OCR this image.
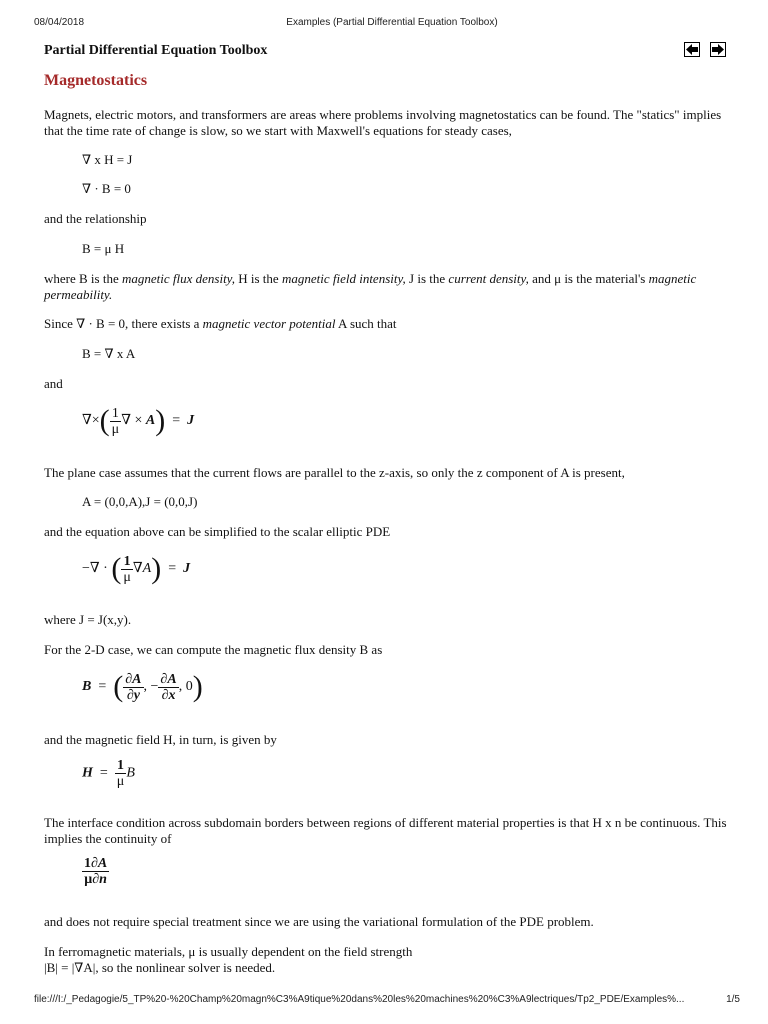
08/04/2018	Examples (Partial Differential Equation Toolbox)
Partial Differential Equation Toolbox
Magnetostatics

Magnets, electric motors, and transformers are areas where problems involving magnetostatics can be found. The "statics" implies that the time rate of change is slow, so we start with Maxwell's equations for steady cases,

∇ x H = J
∇ · B = 0

and the relationship

B = μ H

where B is the magnetic flux density, H is the magnetic field intensity, J is the current density, and μ is the material's magnetic permeability.

Since ∇ · B = 0, there exists a magnetic vector potential A such that

B = ∇ x A

and

∇×( $\frac{1}{\mu}$ ∇ × A)  =  J

The plane case assumes that the current flows are parallel to the z-axis, so only the z component of A is present,

A = (0,0,A),J = (0,0,J)

and the equation above can be simplified to the scalar elliptic PDE

−∇ · ( $\frac{1}{\mu} \nabla A) = J$

where J = J(x,y).

For the 2-D case, we can compute the magnetic flux density B as

B  =  ( $\frac{\partial A}{\partial y}$ , − $\frac{\partial A}{\partial x}$ , 0)

and the magnetic field H, in turn, is given by

$H = \frac{1}{\mu}$ B

The interface condition across subdomain borders between regions of different material properties is that H x n be continuous. This implies the continuity of

$\frac{1\partial A}{\mu\partial n}$

and does not require special treatment since we are using the variational formulation of the PDE problem.

In ferromagnetic materials, μ is usually dependent on the field strength

|B| = |∇A|, so the nonlinear solver is needed.

file:///I:/_Pedagogie/5_TP%20-%20Champ%20magn%C3%A9tique%20dans%20les%20machines%20%C3%A9lectriques/Tp2_PDE/Examples%...	1/5
